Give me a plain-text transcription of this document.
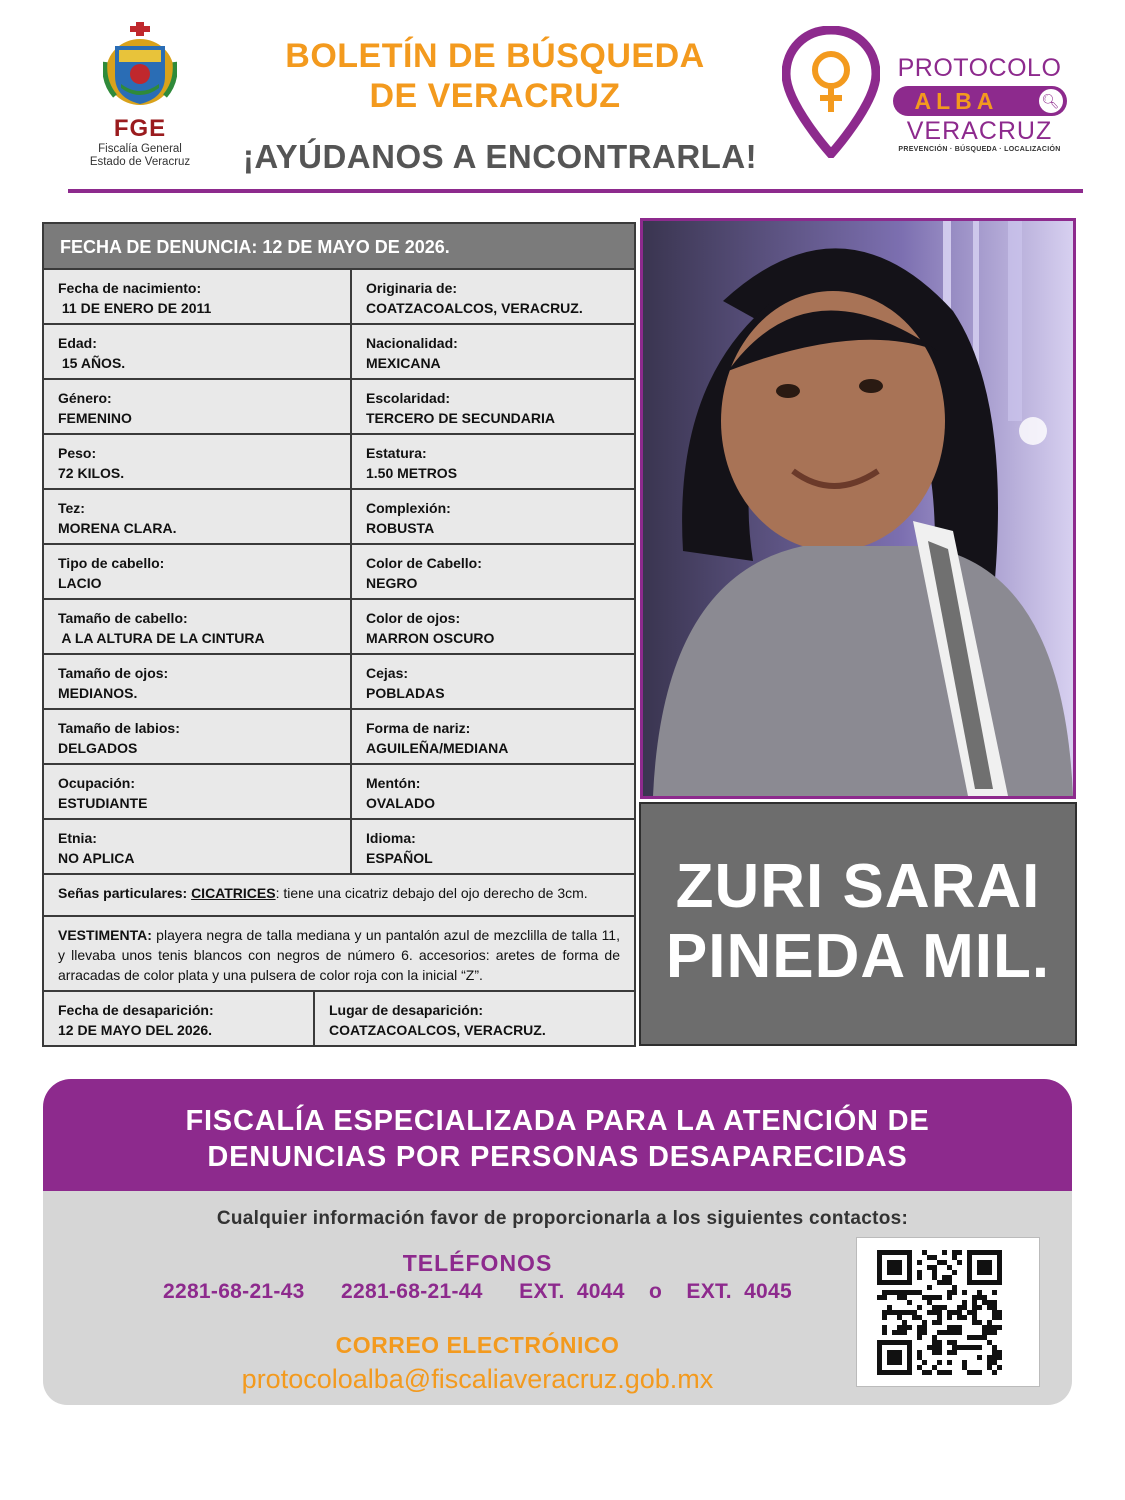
FGE
Fiscalía General
Estado de Veracruz
BOLETÍN DE BÚSQUEDA
DE VERACRUZ
¡AYÚDANOS A ENCONTRARLA!
PROTOCOLO
ALBA	🔍︎
VERACRUZ
PREVENCIÓN · BÚSQUEDA · LOCALIZACIÓN
FECHA DE DENUNCIA: 12 DE MAYO DE 2026.
Fecha de nacimiento:
11 DE ENERO DE 2011
Originaria de:
COATZACOALCOS, VERACRUZ.
Edad:
15 AÑOS.
Nacionalidad:
MEXICANA
Género:
FEMENINO
Escolaridad:
TERCERO DE SECUNDARIA
Peso:
72 KILOS.
Estatura:
1.50 METROS
Tez:
MORENA CLARA.
Complexión:
ROBUSTA
Tipo de cabello:
LACIO
Color de Cabello:
NEGRO
Tamaño de cabello:
A LA ALTURA DE LA CINTURA
Color de ojos:
MARRON OSCURO
Tamaño de ojos:
MEDIANOS.
Cejas:
POBLADAS
Tamaño de labios:
DELGADOS
Forma de nariz:
AGUILEÑA/MEDIANA
Ocupación:
ESTUDIANTE
Mentón:
OVALADO
Etnia:
NO APLICA
Idioma:
ESPAÑOL
Señas particulares: CICATRICES: tiene una cicatriz debajo del ojo derecho de 3cm.
VESTIMENTA: playera negra de talla mediana y un pantalón azul de mezclilla de talla 11, y llevaba unos tenis blancos con negros de número 6. accesorios: aretes de forma de arracadas de color plata y una pulsera de color roja con la inicial “Z”.
Fecha de desaparición:
12 DE MAYO DEL 2026.
Lugar de desaparición:
COATZACOALCOS, VERACRUZ.
ZURI SARAI
PINEDA MIL.
FISCALÍA ESPECIALIZADA PARA LA ATENCIÓN DE
DENUNCIAS POR PERSONAS DESAPARECIDAS
Cualquier información favor de proporcionarla a los siguientes contactos:
TELÉFONOS
2281-68-21-43   2281-68-21-44   EXT. 4044  o  EXT. 4045
CORREO ELECTRÓNICO
protocoloalba@fiscaliaveracruz.gob.mx
